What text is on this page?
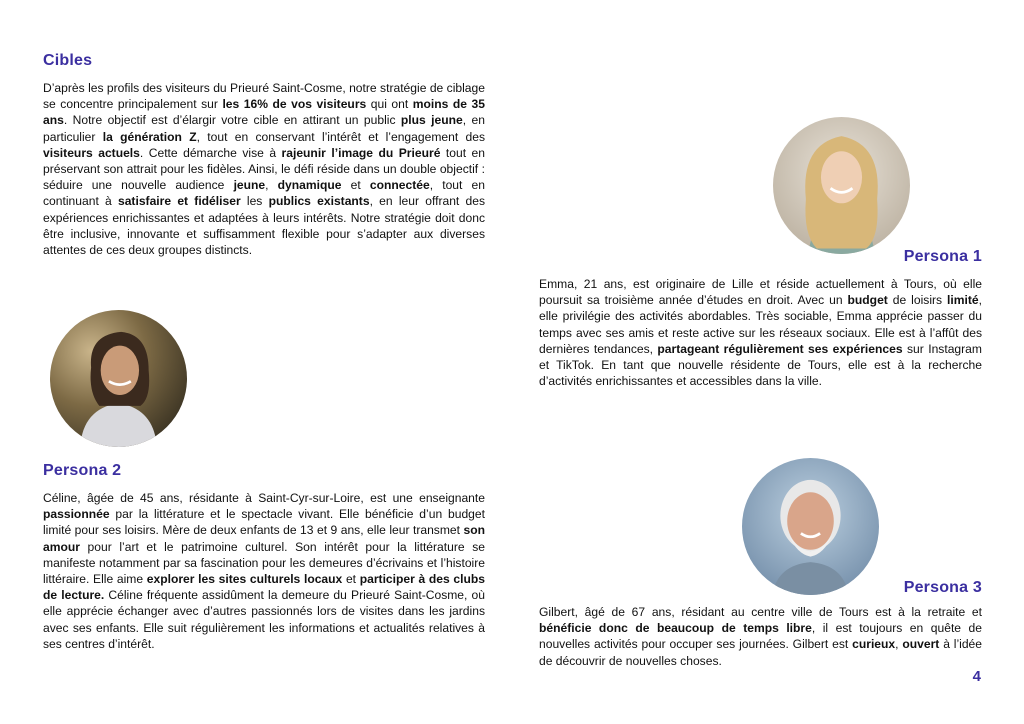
Cibles

D’après les profils des visiteurs du Prieuré Saint-Cosme, notre stratégie de ciblage se concentre principalement sur les 16% de vos visiteurs qui ont moins de 35 ans. Notre objectif est d’élargir votre cible en attirant un public plus jeune, en particulier la génération Z, tout en conservant l’intérêt et l’engagement des visiteurs actuels. Cette démarche vise à rajeunir l’image du Prieuré tout en préservant son attrait pour les fidèles. Ainsi, le défi réside dans un double objectif : séduire une nouvelle audience jeune, dynamique et connectée, tout en continuant à satisfaire et fidéliser les publics existants, en leur offrant des expériences enrichissantes et adaptées à leurs intérêts. Notre stratégie doit donc être inclusive, innovante et suffisamment flexible pour s’adapter aux diverses attentes de ces deux groupes distincts.

Persona 2

Céline, âgée de 45 ans, résidante à Saint-Cyr-sur-Loire, est une enseignante passionnée par la littérature et le spectacle vivant. Elle bénéficie d’un budget limité pour ses loisirs. Mère de deux enfants de 13 et 9 ans, elle leur transmet son amour pour l’art et le patrimoine culturel. Son intérêt pour la littérature se manifeste notamment par sa fascination pour les demeures d’écrivains et l’histoire littéraire. Elle aime explorer les sites culturels locaux et participer à des clubs de lecture. Céline fréquente assidûment la demeure du Prieuré Saint-Cosme, où elle apprécie échanger avec d’autres passionnés lors de visites dans les jardins avec ses enfants. Elle suit régulièrement les informations et actualités relatives à ses centres d’intérêt.

Persona 1

Emma, 21 ans, est originaire de Lille et réside actuellement à Tours, où elle poursuit sa troisième année d’études en droit. Avec un budget de loisirs limité, elle privilégie des activités abordables. Très sociable, Emma apprécie passer du temps avec ses amis et reste active sur les réseaux sociaux. Elle est à l’affût des dernières tendances, partageant régulièrement ses expériences sur Instagram et TikTok. En tant que nouvelle résidente de Tours, elle est à la recherche d’activités enrichissantes et accessibles dans la ville.

Persona 3

Gilbert, âgé de 67 ans, résidant au centre ville de Tours est à la retraite et bénéficie donc de beaucoup de temps libre, il est toujours en quête de nouvelles activités pour occuper ses journées. Gilbert est curieux, ouvert à l’idée de découvrir de nouvelles choses.

4
